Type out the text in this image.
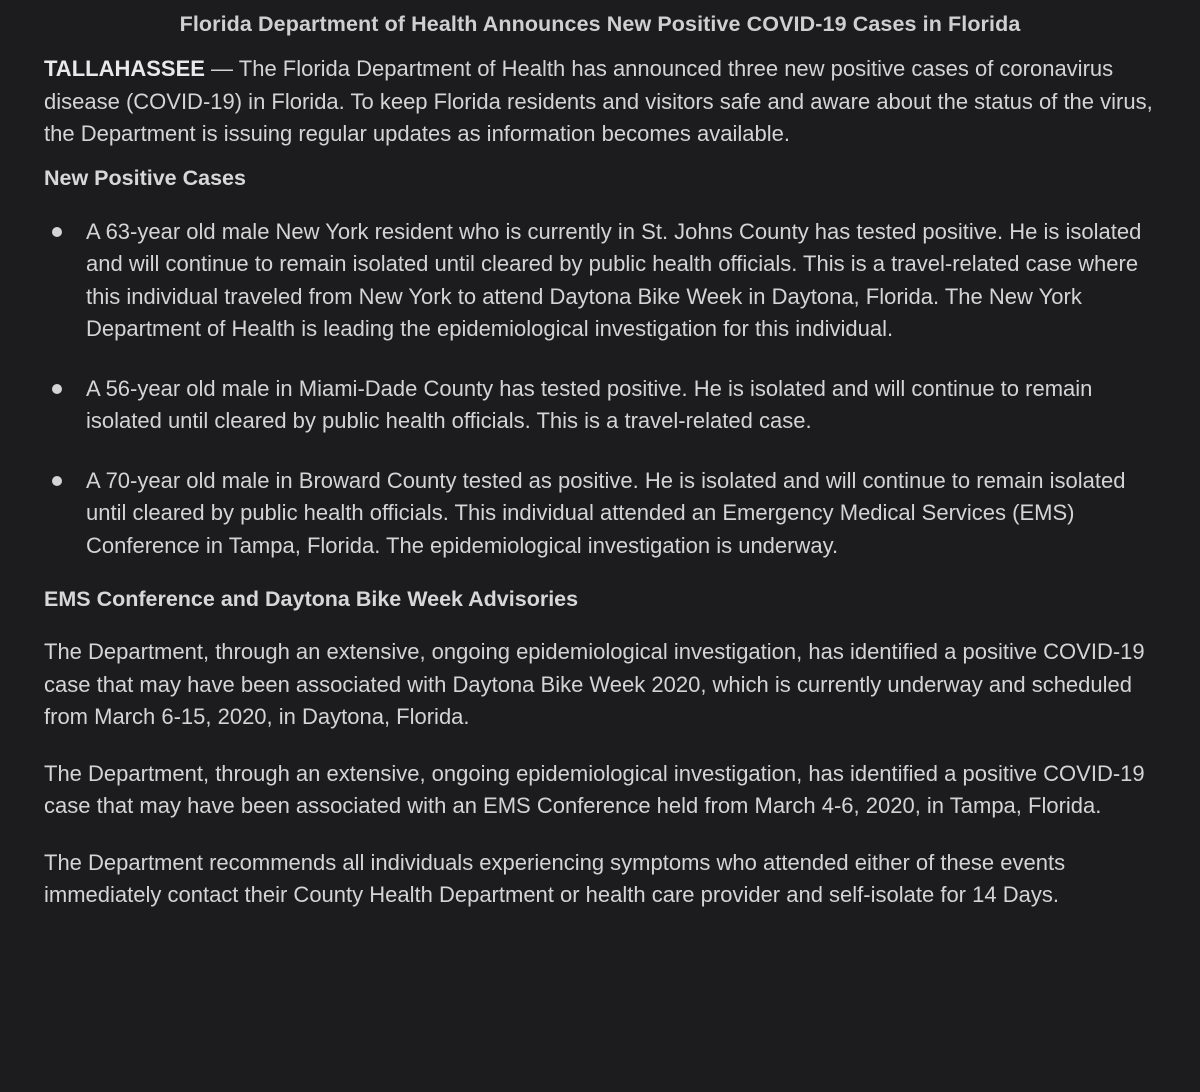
Florida Department of Health Announces New Positive COVID-19 Cases in Florida

TALLAHASSEE — The Florida Department of Health has announced three new positive cases of coronavirus disease (COVID-19) in Florida. To keep Florida residents and visitors safe and aware about the status of the virus, the Department is issuing regular updates as information becomes available.

New Positive Cases
A 63-year old male New York resident who is currently in St. Johns County has tested positive. He is isolated and will continue to remain isolated until cleared by public health officials. This is a travel-related case where this individual traveled from New York to attend Daytona Bike Week in Daytona, Florida. The New York Department of Health is leading the epidemiological investigation for this individual.
A 56-year old male in Miami-Dade County has tested positive. He is isolated and will continue to remain isolated until cleared by public health officials. This is a travel-related case.
A 70-year old male in Broward County tested as positive. He is isolated and will continue to remain isolated until cleared by public health officials. This individual attended an Emergency Medical Services (EMS) Conference in Tampa, Florida. The epidemiological investigation is underway.
EMS Conference and Daytona Bike Week Advisories

The Department, through an extensive, ongoing epidemiological investigation, has identified a positive COVID-19 case that may have been associated with Daytona Bike Week 2020, which is currently underway and scheduled from March 6-15, 2020, in Daytona, Florida.

The Department, through an extensive, ongoing epidemiological investigation, has identified a positive COVID-19 case that may have been associated with an EMS Conference held from March 4-6, 2020, in Tampa, Florida.

The Department recommends all individuals experiencing symptoms who attended either of these events immediately contact their County Health Department or health care provider and self-isolate for 14 Days.
